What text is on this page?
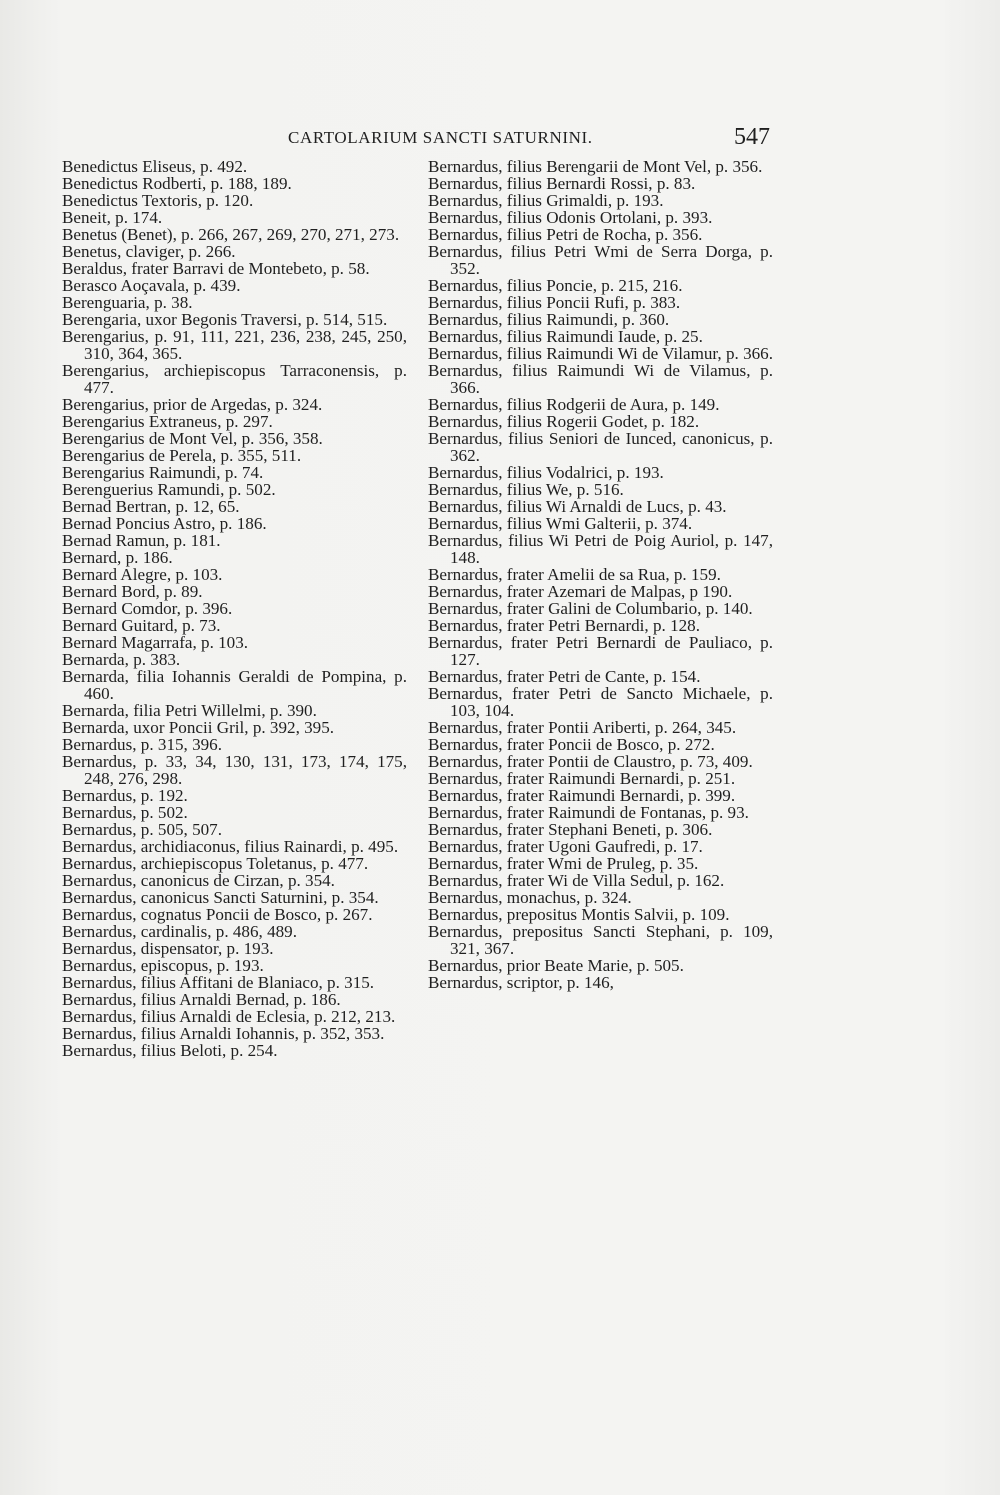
CARTOLARIUM SANCTI SATURNINI.	547
Benedictus Eliseus, p. 492.
Benedictus Rodberti, p. 188, 189.
Benedictus Textoris, p. 120.
Beneit, p. 174.
Benetus (Benet), p. 266, 267, 269, 270, 271, 273.
Benetus, claviger, p. 266.
Beraldus, frater Barravi de Montebeto, p. 58.
Berasco Aoçavala, p. 439.
Berenguaria, p. 38.
Berengaria, uxor Begonis Traversi, p. 514, 515.
Berengarius, p. 91, 111, 221, 236, 238, 245, 250, 310, 364, 365.
Berengarius, archiepiscopus Tarraconensis, p. 477.
Berengarius, prior de Argedas, p. 324.
Berengarius Extraneus, p. 297.
Berengarius de Mont Vel, p. 356, 358.
Berengarius de Perela, p. 355, 511.
Berengarius Raimundi, p. 74.
Berenguerius Ramundi, p. 502.
Bernad Bertran, p. 12, 65.
Bernad Poncius Astro, p. 186.
Bernad Ramun, p. 181.
Bernard, p. 186.
Bernard Alegre, p. 103.
Bernard Bord, p. 89.
Bernard Comdor, p. 396.
Bernard Guitard, p. 73.
Bernard Magarrafa, p. 103.
Bernarda, p. 383.
Bernarda, filia Iohannis Geraldi de Pompina, p. 460.
Bernarda, filia Petri Willelmi, p. 390.
Bernarda, uxor Poncii Gril, p. 392, 395.
Bernardus, p. 315, 396.
Bernardus, p. 33, 34, 130, 131, 173, 174, 175, 248, 276, 298.
Bernardus, p. 192.
Bernardus, p. 502.
Bernardus, p. 505, 507.
Bernardus, archidiaconus, filius Rainardi, p. 495.
Bernardus, archiepiscopus Toletanus, p. 477.
Bernardus, canonicus de Cirzan, p. 354.
Bernardus, canonicus Sancti Saturnini, p. 354.
Bernardus, cognatus Poncii de Bosco, p. 267.
Bernardus, cardinalis, p. 486, 489.
Bernardus, dispensator, p. 193.
Bernardus, episcopus, p. 193.
Bernardus, filius Affitani de Blaniaco, p. 315.
Bernardus, filius Arnaldi Bernad, p. 186.
Bernardus, filius Arnaldi de Eclesia, p. 212, 213.
Bernardus, filius Arnaldi Iohannis, p. 352, 353.
Bernardus, filius Beloti, p. 254.
Bernardus, filius Berengarii de Mont Vel, p. 356.
Bernardus, filius Bernardi Rossi, p. 83.
Bernardus, filius Grimaldi, p. 193.
Bernardus, filius Odonis Ortolani, p. 393.
Bernardus, filius Petri de Rocha, p. 356.
Bernardus, filius Petri Wmi de Serra Dorga, p. 352.
Bernardus, filius Poncie, p. 215, 216.
Bernardus, filius Poncii Rufi, p. 383.
Bernardus, filius Raimundi, p. 360.
Bernardus, filius Raimundi Iaude, p. 25.
Bernardus, filius Raimundi Wi de Vilamur, p. 366.
Bernardus, filius Raimundi Wi de Vilamus, p. 366.
Bernardus, filius Rodgerii de Aura, p. 149.
Bernardus, filius Rogerii Godet, p. 182.
Bernardus, filius Seniori de Iunced, canonicus, p. 362.
Bernardus, filius Vodalrici, p. 193.
Bernardus, filius We, p. 516.
Bernardus, filius Wi Arnaldi de Lucs, p. 43.
Bernardus, filius Wmi Galterii, p. 374.
Bernardus, filius Wi Petri de Poig Auriol, p. 147, 148.
Bernardus, frater Amelii de sa Rua, p. 159.
Bernardus, frater Azemari de Malpas, p 190.
Bernardus, frater Galini de Columbario, p. 140.
Bernardus, frater Petri Bernardi, p. 128.
Bernardus, frater Petri Bernardi de Pauliaco, p. 127.
Bernardus, frater Petri de Cante, p. 154.
Bernardus, frater Petri de Sancto Michaele, p. 103, 104.
Bernardus, frater Pontii Ariberti, p. 264, 345.
Bernardus, frater Poncii de Bosco, p. 272.
Bernardus, frater Pontii de Claustro, p. 73, 409.
Bernardus, frater Raimundi Bernardi, p. 251.
Bernardus, frater Raimundi Bernardi, p. 399.
Bernardus, frater Raimundi de Fontanas, p. 93.
Bernardus, frater Stephani Beneti, p. 306.
Bernardus, frater Ugoni Gaufredi, p. 17.
Bernardus, frater Wmi de Pruleg, p. 35.
Bernardus, frater Wi de Villa Sedul, p. 162.
Bernardus, monachus, p. 324.
Bernardus, prepositus Montis Salvii, p. 109.
Bernardus, prepositus Sancti Stephani, p. 109, 321, 367.
Bernardus, prior Beate Marie, p. 505.
Bernardus, scriptor, p. 146,
